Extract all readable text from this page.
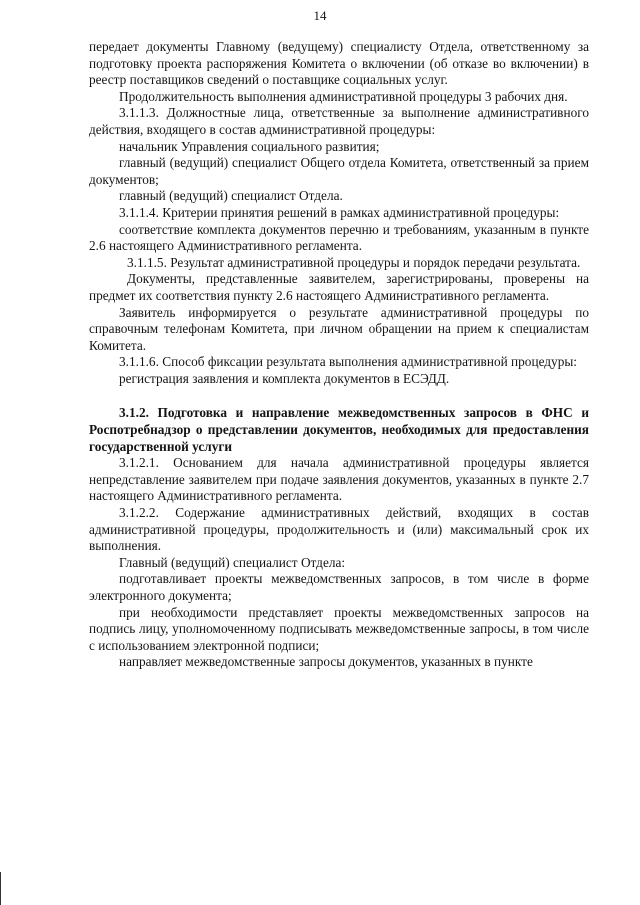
14

передает документы Главному (ведущему) специалисту Отдела, ответственному за подготовку проекта распоряжения Комитета о включении (об отказе во включении) в реестр поставщиков сведений о поставщике социальных услуг.

Продолжительность выполнения административной процедуры 3 рабочих дня.

3.1.1.3. Должностные лица, ответственные за выполнение административного действия, входящего в состав административной процедуры:

начальник Управления социального развития;

главный (ведущий) специалист Общего отдела Комитета, ответственный за прием документов;

главный (ведущий) специалист Отдела.

3.1.1.4. Критерии принятия решений в рамках административной процедуры:

соответствие комплекта документов перечню и требованиям, указанным в пункте 2.6 настоящего Административного регламента.

3.1.1.5. Результат административной процедуры и порядок передачи результата.

Документы, представленные заявителем, зарегистрированы, проверены на предмет их соответствия пункту 2.6 настоящего Административного регламента.

Заявитель информируется о результате административной процедуры по справочным телефонам Комитета, при личном обращении на прием к специалистам Комитета.

3.1.1.6. Способ фиксации результата выполнения административной процедуры:

регистрация заявления и комплекта документов в ЕСЭДД.

3.1.2. Подготовка и направление межведомственных запросов в ФНС и Роспотребнадзор о представлении документов, необходимых для предоставления государственной услуги

3.1.2.1. Основанием для начала административной процедуры является непредставление заявителем при подаче заявления документов, указанных в пункте 2.7 настоящего Административного регламента.

3.1.2.2. Содержание административных действий, входящих в состав административной процедуры, продолжительность и (или) максимальный срок их выполнения.

Главный (ведущий) специалист Отдела:

подготавливает проекты межведомственных запросов, в том числе в форме электронного документа;

при необходимости представляет проекты межведомственных запросов на подпись лицу, уполномоченному подписывать межведомственные запросы, в том числе с использованием электронной подписи;

направляет межведомственные запросы документов, указанных в пункте
